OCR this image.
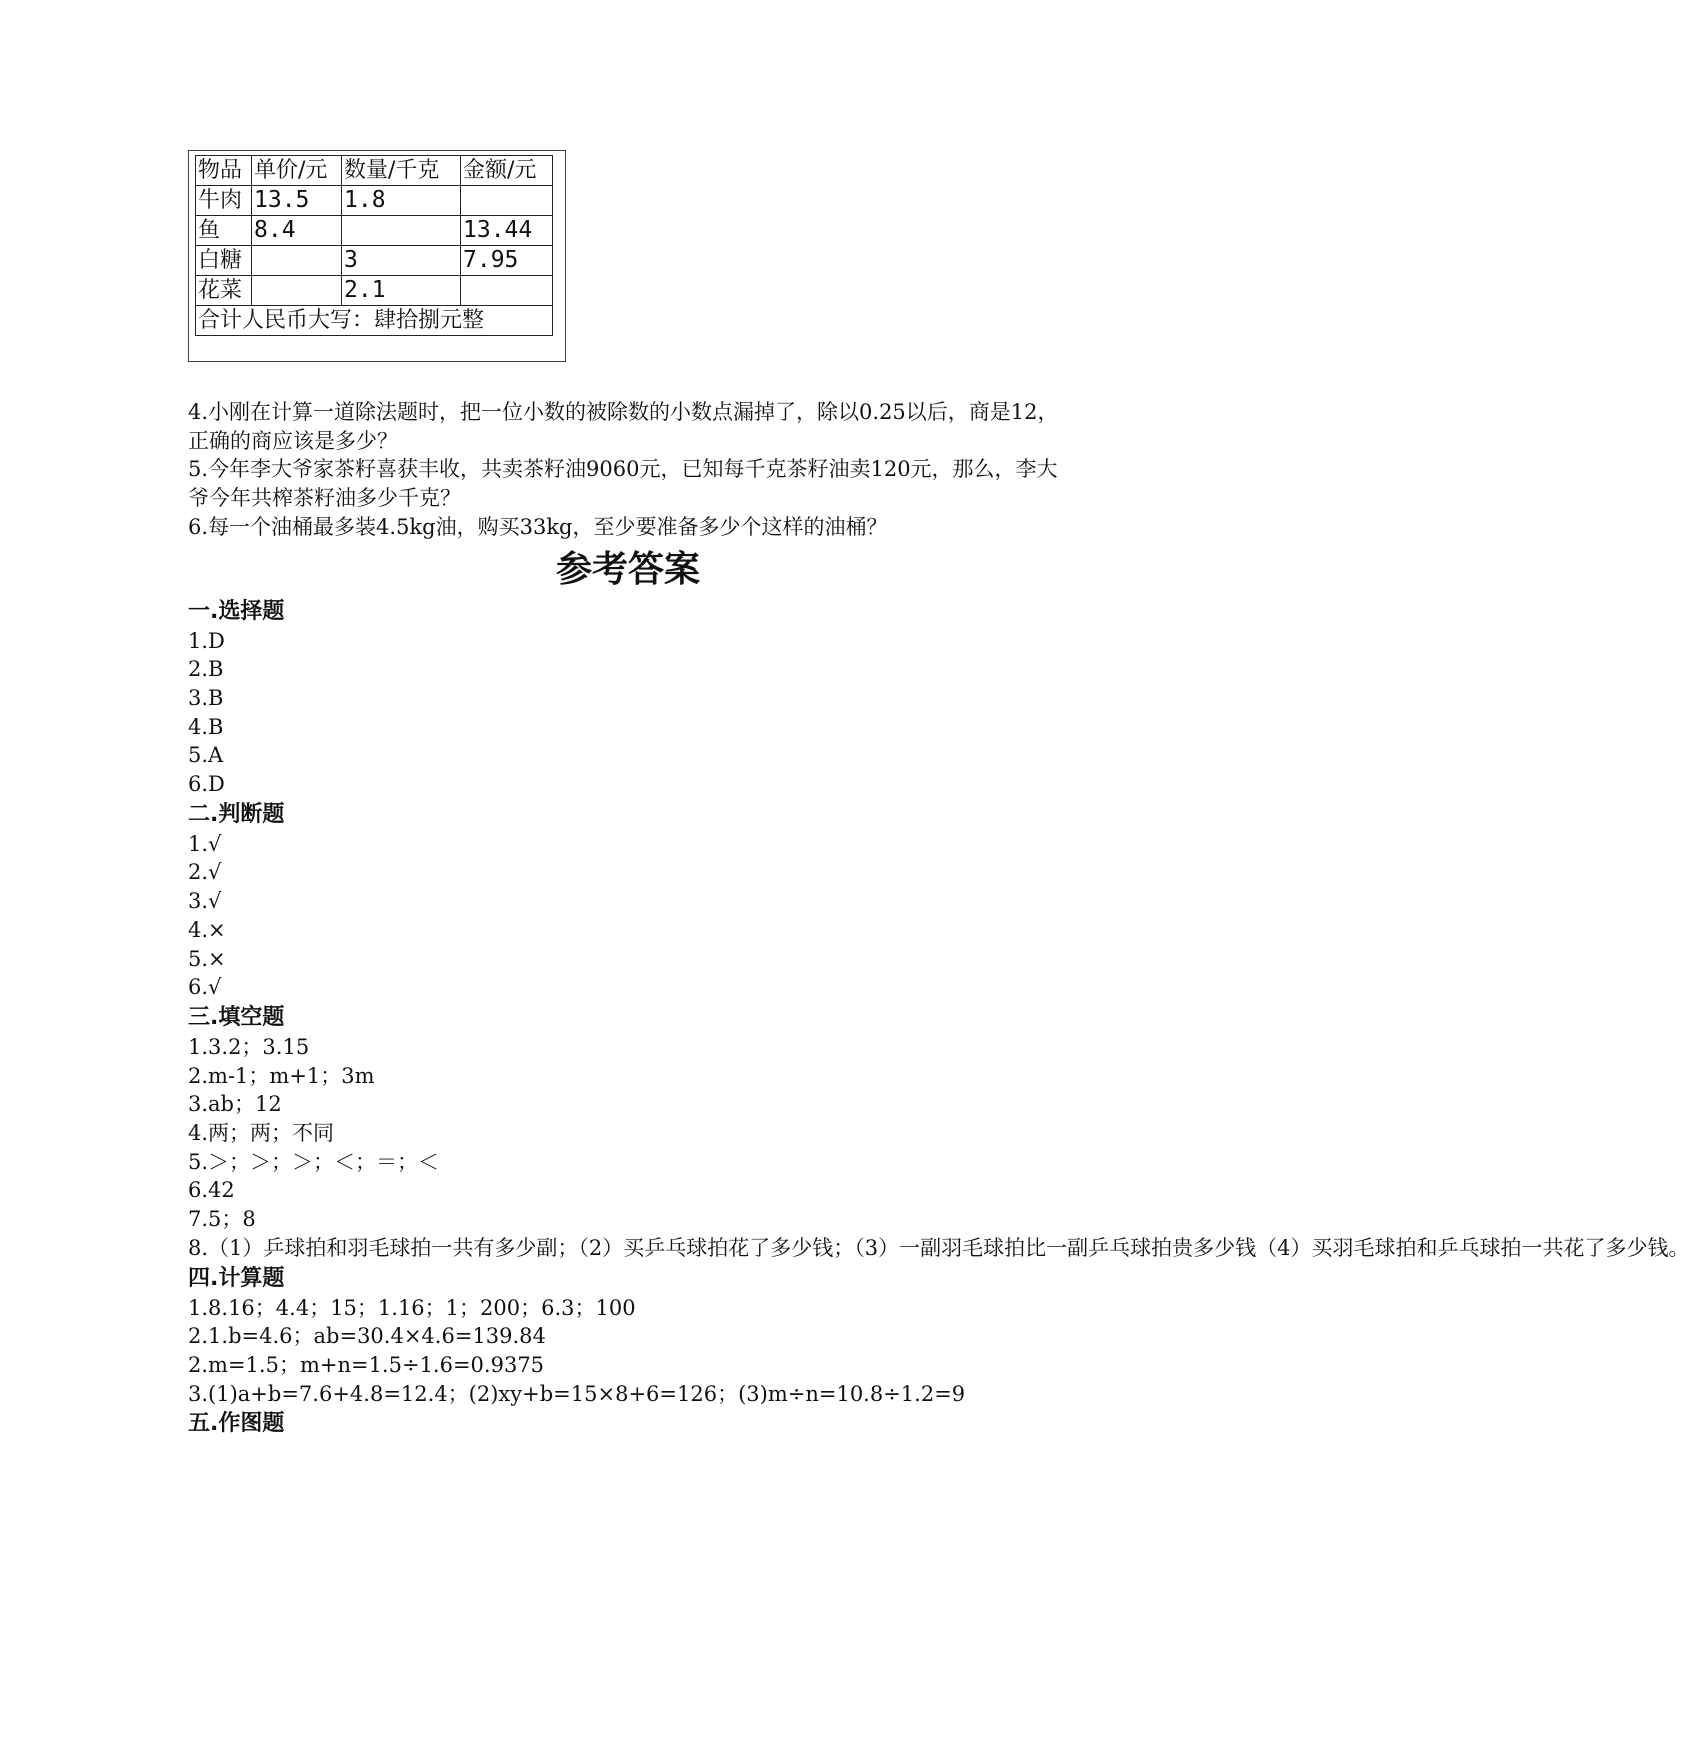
物品	单价/元	数量/千克	金额/元
牛肉	13.5	1.8	
鱼	8.4		13.44
白糖		3	7.95
花菜		2.1	
合计人民币大写：肆拾捌元整			
4.小刚在计算一道除法题时，把一位小数的被除数的小数点漏掉了，除以0.25以后，商是12，正确的商应该是多少？
5.今年李大爷家茶籽喜获丰收，共卖茶籽油9060元，已知每千克茶籽油卖120元，那么，李大爷今年共榨茶籽油多少千克？
6.每一个油桶最多装4.5kg油，购买33kg，至少要准备多少个这样的油桶？
参考答案
一.选择题
1.D
2.B
3.B
4.B
5.A
6.D
二.判断题
1.√
2.√
3.√
4.×
5.×
6.√
三.填空题
1.3.2；3.15
2.m-1；m+1；3m
3.ab；12
4.两；两；不同
5.＞；＞；＞；＜；＝；＜
6.42
7.5；8
8.（1）乒球拍和羽毛球拍一共有多少副；（2）买乒乓球拍花了多少钱；（3）一副羽毛球拍比一副乒乓球拍贵多少钱（4）买羽毛球拍和乒乓球拍一共花了多少钱。
四.计算题
1.8.16；4.4；15；1.16；1；200；6.3；100
2.1.b=4.6；ab=30.4×4.6=139.84
2.m=1.5；m+n=1.5÷1.6=0.9375
3.(1)a+b=7.6+4.8=12.4；(2)xy+b=15×8+6=126；(3)m÷n=10.8÷1.2=9
五.作图题
